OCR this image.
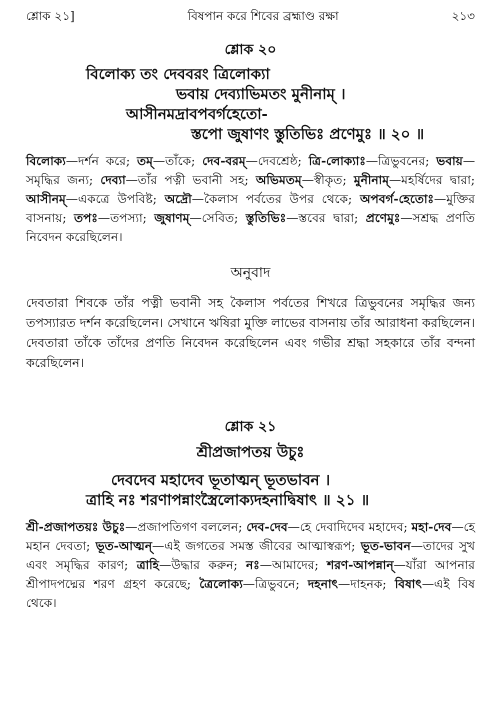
শ্লোক ২১]	বিষপান করে শিবের ব্রহ্মাণ্ড রক্ষা	২১৩
শ্লোক ২০
বিলোক্য তং দেববরং ত্রিলোক্যা
ভবায় দেব্যাভিমতং মুনীনাম্ ।
আসীনমদ্রাবপবর্গহেতো-
স্তপো জুষাণং স্তুতিভিঃ প্রণেমুঃ ॥ ২০ ॥
বিলোক্য—দর্শন করে; তম্—তাঁকে; দেব-বরম্—দেবশ্রেষ্ঠ; ত্রি-লোক্যাঃ—ত্রিভুবনের; ভবায়—সমৃদ্ধির জন্য; দেব্যা—তাঁর পত্নী ভবানী সহ; অভিমতম্—স্বীকৃত; মুনীনাম্—মহর্ষিদের দ্বারা; আসীনম্—একত্রে উপবিষ্ট; অদ্রৌ—কৈলাস পর্বতের উপর থেকে; অপবর্গ-হেতোঃ—মুক্তির বাসনায়; তপঃ—তপস্যা; জুষাণম্—সেবিত; স্তুতিভিঃ—স্তবের দ্বারা; প্রণেমুঃ—সশ্রদ্ধ প্রণতি নিবেদন করেছিলেন।
অনুবাদ
দেবতারা শিবকে তাঁর পত্নী ভবানী সহ কৈলাস পর্বতের শিখরে ত্রিভুবনের সমৃদ্ধির জন্য তপস্যারত দর্শন করেছিলেন। সেখানে ঋষিরা মুক্তি লাভের বাসনায় তাঁর আরাধনা করছিলেন। দেবতারা তাঁকে তাঁদের প্রণতি নিবেদন করেছিলেন এবং গভীর শ্রদ্ধা সহকারে তাঁর বন্দনা করেছিলেন।
শ্লোক ২১
শ্রীপ্রজাপতয় উচুঃ
দেবদেব মহাদেব ভূতাত্মন্ ভূতভাবন ।
ত্রাহি নঃ শরণাপন্নাংস্ত্রৈলোক্যদহনাদ্বিষাৎ ॥ ২১ ॥
শ্রী-প্রজাপতয়ঃ উচুঃ—প্রজাপতিগণ বললেন; দেব-দেব—হে দেবাদিদেব মহাদেব; মহা-দেব—হে মহান দেবতা; ভূত-আত্মন্—এই জগতের সমস্ত জীবের আত্মাস্বরূপ; ভূত-ভাবন—তাদের সুখ এবং সমৃদ্ধির কারণ; ত্রাহি—উদ্ধার করুন; নঃ—আমাদের; শরণ-আপন্নান্—যাঁরা আপনার শ্রীপাদপদ্মের শরণ গ্রহণ করেছে; ত্রৈলোক্য—ত্রিভুবনে; দহনাৎ—দাহনক; বিষাৎ—এই বিষ থেকে।
